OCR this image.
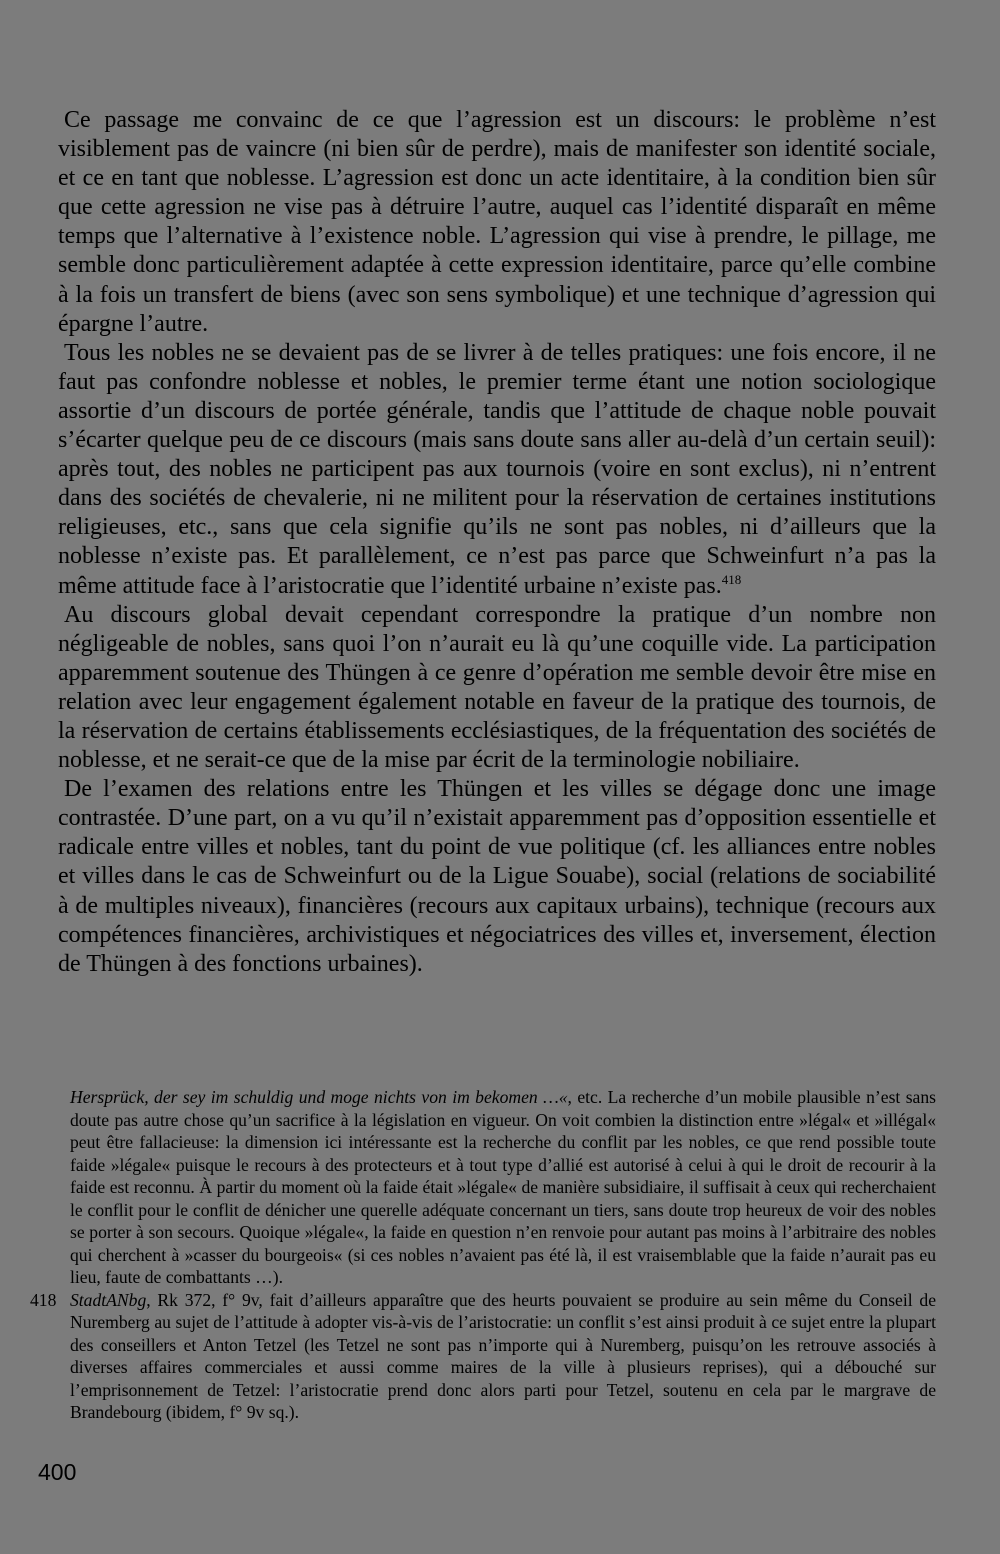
Ce passage me convainc de ce que l’agression est un discours: le problème n’est visiblement pas de vaincre (ni bien sûr de perdre), mais de manifester son identité sociale, et ce en tant que noblesse. L’agression est donc un acte identitaire, à la condition bien sûr que cette agression ne vise pas à détruire l’autre, auquel cas l’identité disparaît en même temps que l’alternative à l’existence noble. L’agression qui vise à prendre, le pillage, me semble donc particulièrement adaptée à cette expression identitaire, parce qu’elle combine à la fois un transfert de biens (avec son sens symbolique) et une technique d’agression qui épargne l’autre.

Tous les nobles ne se devaient pas de se livrer à de telles pratiques: une fois encore, il ne faut pas confondre noblesse et nobles, le premier terme étant une notion sociologique assortie d’un discours de portée générale, tandis que l’attitude de chaque noble pouvait s’écarter quelque peu de ce discours (mais sans doute sans aller au-delà d’un certain seuil): après tout, des nobles ne participent pas aux tournois (voire en sont exclus), ni n’entrent dans des sociétés de chevalerie, ni ne militent pour la réservation de certaines institutions religieuses, etc., sans que cela signifie qu’ils ne sont pas nobles, ni d’ailleurs que la noblesse n’existe pas. Et parallèlement, ce n’est pas parce que Schweinfurt n’a pas la même attitude face à l’aristocratie que l’identité urbaine n’existe pas.$^{418}$

Au discours global devait cependant correspondre la pratique d’un nombre non négligeable de nobles, sans quoi l’on n’aurait eu là qu’une coquille vide. La participation apparemment soutenue des Thüngen à ce genre d’opération me semble devoir être mise en relation avec leur engagement également notable en faveur de la pratique des tournois, de la réservation de certains établissements ecclésiastiques, de la fréquentation des sociétés de noblesse, et ne serait-ce que de la mise par écrit de la terminologie nobiliaire.

De l’examen des relations entre les Thüngen et les villes se dégage donc une image contrastée. D’une part, on a vu qu’il n’existait apparemment pas d’opposition essentielle et radicale entre villes et nobles, tant du point de vue politique (cf. les alliances entre nobles et villes dans le cas de Schweinfurt ou de la Ligue Souabe), social (relations de sociabilité à de multiples niveaux), financières (recours aux capitaux urbains), technique (recours aux compétences financières, archivistiques et négociatrices des villes et, inversement, élection de Thüngen à des fonctions urbaines).

Hersprück, der sey im schuldig und moge nichts von im bekomen …«, etc. La recherche d’un mobile plausible n’est sans doute pas autre chose qu’un sacrifice à la législation en vigueur. On voit combien la distinction entre »légal« et »illégal« peut être fallacieuse: la dimension ici intéressante est la recherche du conflit par les nobles, ce que rend possible toute faide »légale« puisque le recours à des protecteurs et à tout type d’allié est autorisé à celui à qui le droit de recourir à la faide est reconnu. À partir du moment où la faide était »légale« de manière subsidiaire, il suffisait à ceux qui recherchaient le conflit pour le conflit de dénicher une querelle adéquate concernant un tiers, sans doute trop heureux de voir des nobles se porter à son secours. Quoique »légale«, la faide en question n’en renvoie pour autant pas moins à l’arbitraire des nobles qui cherchent à »casser du bourgeois« (si ces nobles n’avaient pas été là, il est vraisemblable que la faide n’aurait pas eu lieu, faute de combattants …).

418 StadtANbg, Rk 372, f° 9v, fait d’ailleurs apparaître que des heurts pouvaient se produire au sein même du Conseil de Nuremberg au sujet de l’attitude à adopter vis-à-vis de l’aristocratie: un conflit s’est ainsi produit à ce sujet entre la plupart des conseillers et Anton Tetzel (les Tetzel ne sont pas n’importe qui à Nuremberg, puisqu’on les retrouve associés à diverses affaires commerciales et aussi comme maires de la ville à plusieurs reprises), qui a débouché sur l’emprisonnement de Tetzel: l’aristocratie prend donc alors parti pour Tetzel, soutenu en cela par le margrave de Brandebourg (ibidem, f° 9v sq.).

400
